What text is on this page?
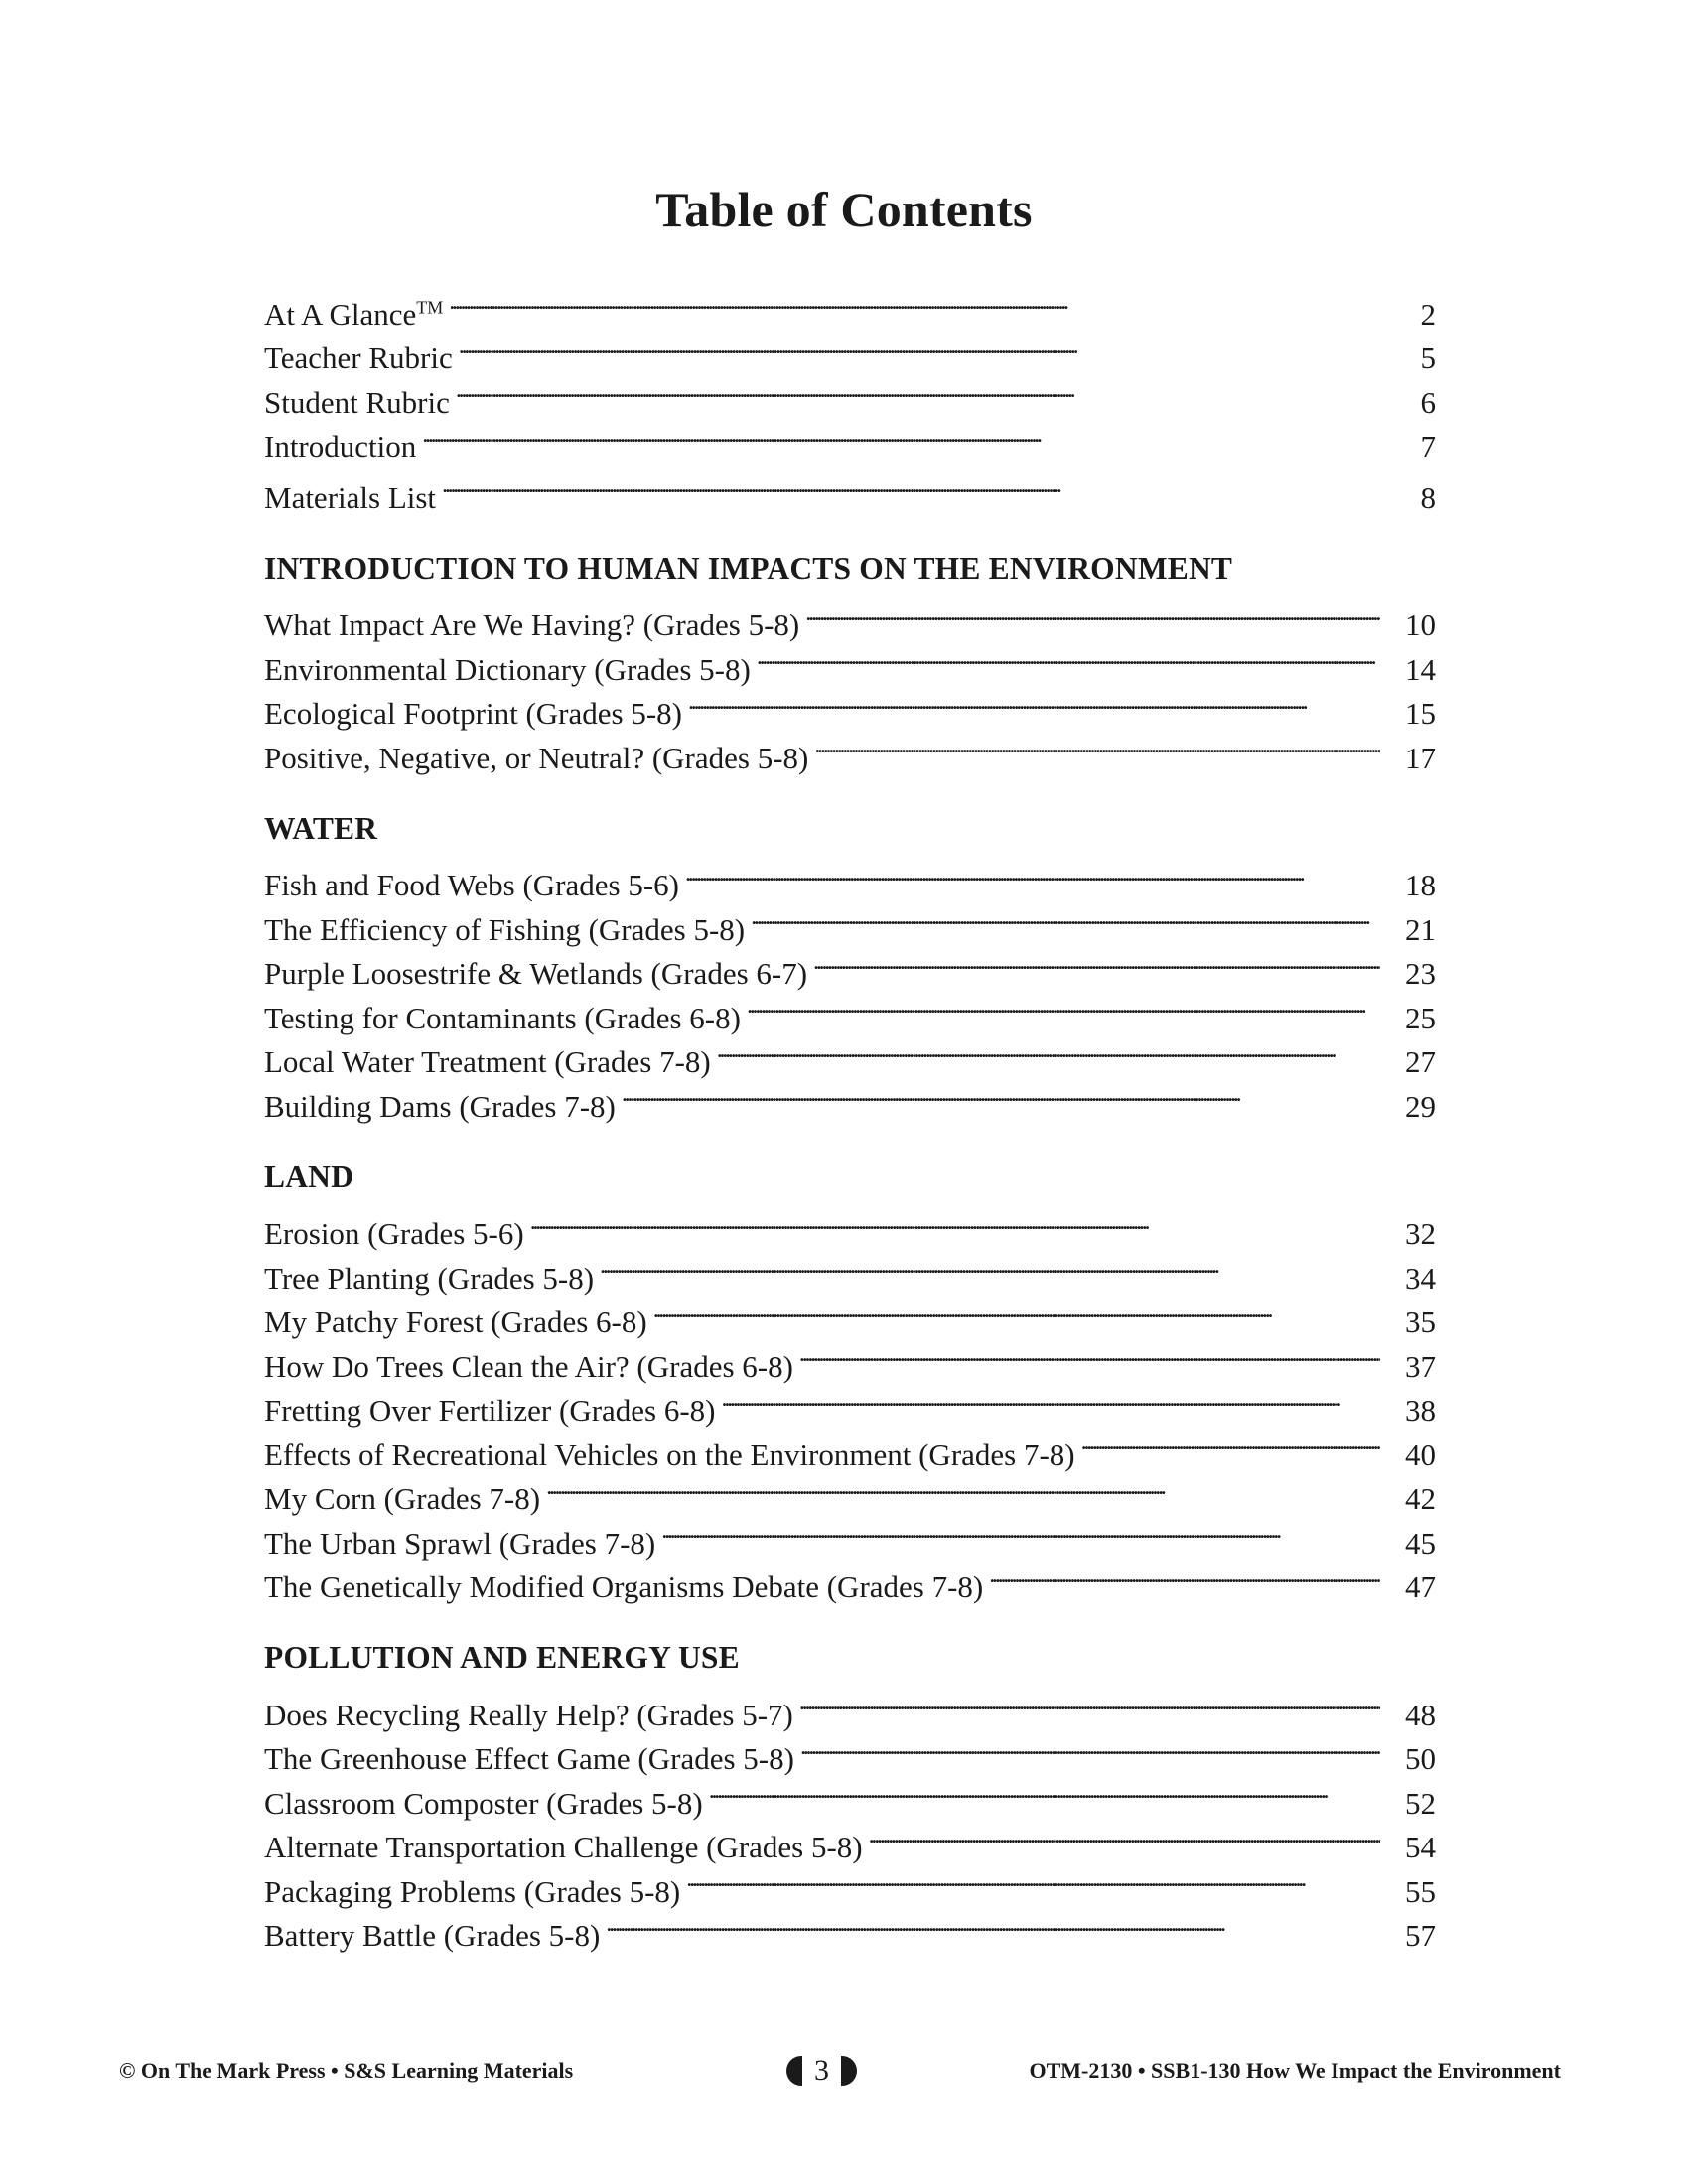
Table of Contents
At A Glance™ . . .	2
Teacher Rubric . . .	5
Student Rubric . . .	6
Introduction . . .	7
Materials List . . .	8
INTRODUCTION TO HUMAN IMPACTS ON THE ENVIRONMENT
What Impact Are We Having? (Grades 5-8) . . .	10
Environmental Dictionary (Grades 5-8) . . .	14
Ecological Footprint (Grades 5-8) . . .	15
Positive, Negative, or Neutral? (Grades 5-8) . . .	17
WATER
Fish and Food Webs (Grades 5-6) . . .	18
The Efficiency of Fishing (Grades 5-8) . . .	21
Purple Loosestrife & Wetlands (Grades 6-7) . . .	23
Testing for Contaminants (Grades 6-8) . . .	25
Local Water Treatment (Grades 7-8) . . .	27
Building Dams (Grades 7-8) . . .	29
LAND
Erosion (Grades 5-6) . . .	32
Tree Planting (Grades 5-8) . . .	34
My Patchy Forest (Grades 6-8) . . .	35
How Do Trees Clean the Air? (Grades 6-8) . . .	37
Fretting Over Fertilizer (Grades 6-8) . . .	38
Effects of Recreational Vehicles on the Environment (Grades 7-8) . . .	40
My Corn (Grades 7-8) . . .	42
The Urban Sprawl (Grades 7-8) . . .	45
The Genetically Modified Organisms Debate (Grades 7-8) . . .	47
POLLUTION AND ENERGY USE
Does Recycling Really Help? (Grades 5-7) . . .	48
The Greenhouse Effect Game (Grades 5-8) . . .	50
Classroom Composter (Grades 5-8) . . .	52
Alternate Transportation Challenge (Grades 5-8) . . .	54
Packaging Problems (Grades 5-8) . . .	55
Battery Battle (Grades 5-8) . . .	57
© On The Mark Press • S&S Learning Materials	3	OTM-2130 • SSB1-130 How We Impact the Environment
